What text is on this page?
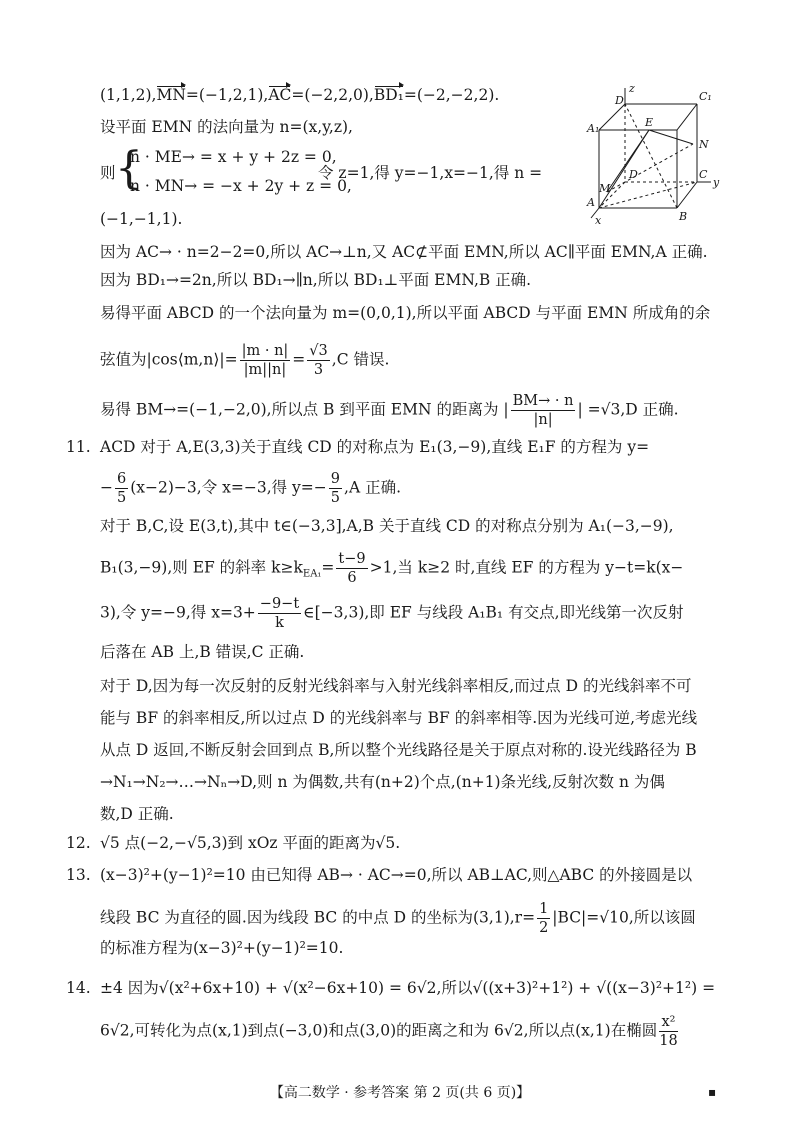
D
z
C₁
A₁	E
N
D	C
y
M
A
B
x
(1,1,2),MN=(−1,2,1),AC=(−2,2,0),BD₁=(−2,−2,2).
设平面 EMN 的法向量为 n=(x,y,z),
则 {
n · ME→ = x + y + 2z = 0,
n · MN→ = −x + 2y + z = 0,
令 z=1,得 y=−1,x=−1,得 n =
(−1,−1,1).
因为 AC→ · n=2−2=0,所以 AC→⊥n,又 AC⊄平面 EMN,所以 AC∥平面 EMN,A 正确.
因为 BD₁→=2n,所以 BD₁→∥n,所以 BD₁⊥平面 EMN,B 正确.
易得平面 ABCD 的一个法向量为 m=(0,0,1),所以平面 ABCD 与平面 EMN 所成角的余
弦值为|cos⟨m,n⟩|= $\frac{|m \cdot n|}{|m||n|} = \frac{√3}{3} ,C$ 错误.
易得 BM→=(−1,−2,0),所以点 B 到平面 EMN 的距离为 | $\frac{BM\to \cdot n}{|n|}$ | =√3,D 正确.
11. ACD 对于 A,E(3,3)关于直线 CD 的对称点为 E₁(3,−9),直线 E₁F 的方程为 y=
− $\frac{6}{5} (x-2)-3$,令 x=−3,得 $y=- \frac{9}{5} ,A$ 正确.
对于 B,C,设 E(3,t),其中 t∈(−3,3],A,B 关于直线 CD 的对称点分别为 A₁(−3,−9),
B₁(3,−9),则 EF 的斜率 $k\ge k_{EA_1}= \frac{t-9}{6} >1$,当 k≥2 时,直线 EF 的方程为 y−t=k(x−
3),令 y=−9,得 $x=3+ \frac{-9-t}{k}$ ∈[−3,3),即 EF 与线段 A₁B₁ 有交点,即光线第一次反射
后落在 AB 上,B 错误,C 正确.
对于 D,因为每一次反射的反射光线斜率与入射光线斜率相反,而过点 D 的光线斜率不可
能与 BF 的斜率相反,所以过点 D 的光线斜率与 BF 的斜率相等.因为光线可逆,考虑光线
从点 D 返回,不断反射会回到点 B,所以整个光线路径是关于原点对称的.设光线路径为 B
→N₁→N₂→…→Nₙ→D,则 n 为偶数,共有(n+2)个点,(n+1)条光线,反射次数 n 为偶
数,D 正确.
12. √5 点(−2,−√5,3)到 xOz 平面的距离为√5.
13. (x−3)²+(y−1)²=10 由已知得 AB→ · AC→=0,所以 AB⊥AC,则△ABC 的外接圆是以
线段 BC 为直径的圆.因为线段 BC 的中点 D 的坐标为$(3,1),r= \frac{1}{2} |BC|=√10$,所以该圆
的标准方程为(x−3)²+(y−1)²=10.
14. ±4 因为√(x²+6x+10) + √(x²−6x+10) = 6√2,所以√((x+3)²+1²) + √((x−3)²+1²) =
6√2,可转化为点(x,1)到点(−3,0)和点(3,0)的距离之和为 6√2,所以点(x,1)在椭圆 $\frac{\text{x²}}{18}$
【高二数学 · 参考答案 第 2 页(共 6 页)】	▪
